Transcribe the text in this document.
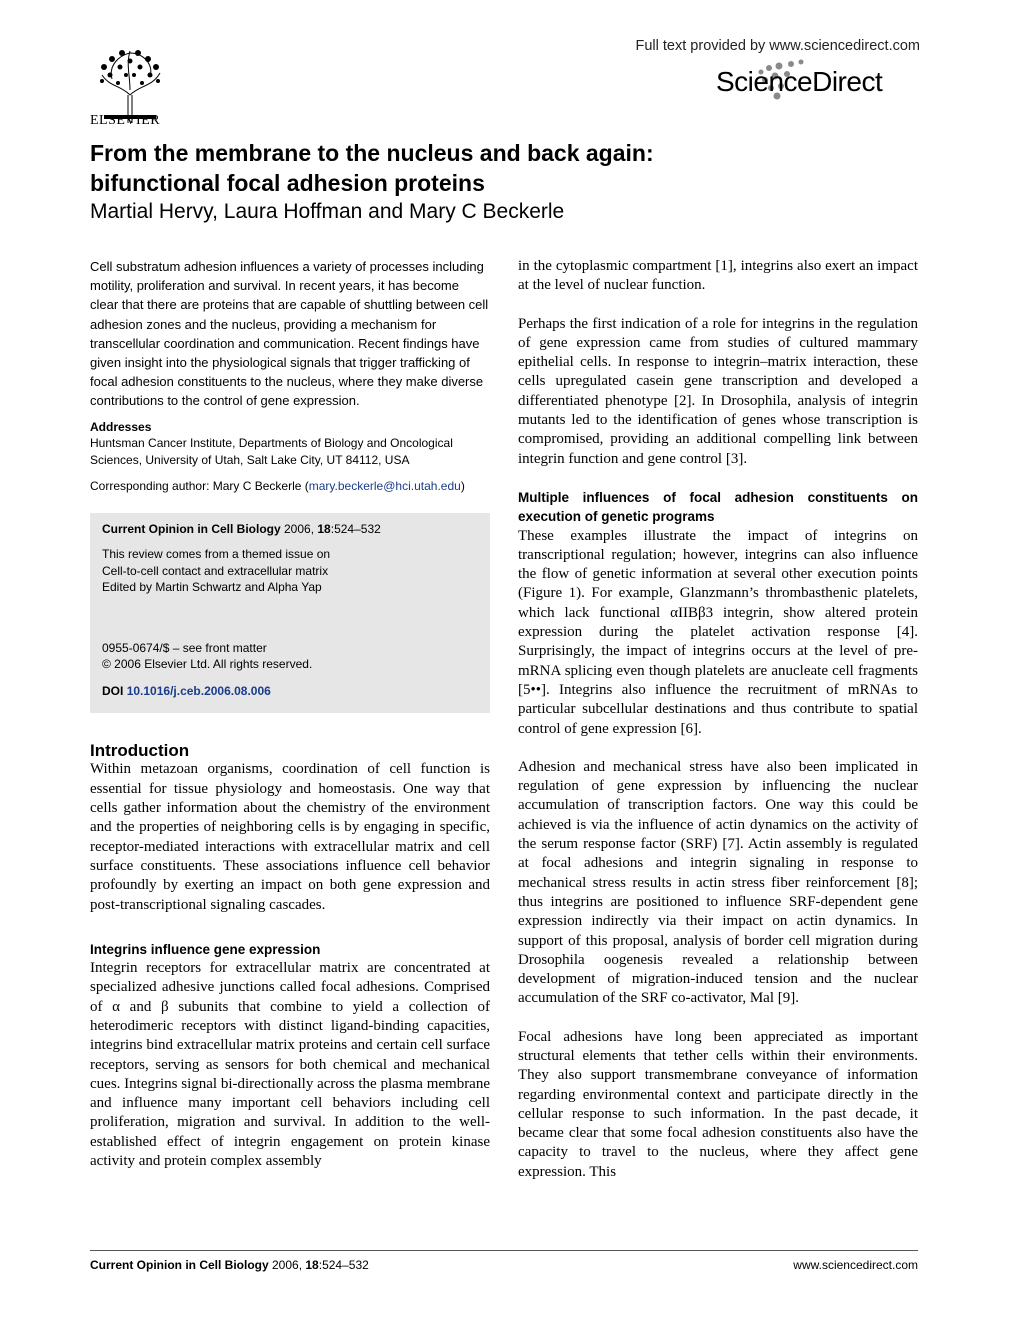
ELSEVIER
Full text provided by www.sciencedirect.com
ScienceDirect
From the membrane to the nucleus and back again:
bifunctional focal adhesion proteins
Martial Hervy, Laura Hoffman and Mary C Beckerle
Cell substratum adhesion influences a variety of processes including motility, proliferation and survival. In recent years, it has become clear that there are proteins that are capable of shuttling between cell adhesion zones and the nucleus, providing a mechanism for transcellular coordination and communication. Recent findings have given insight into the physiological signals that trigger trafficking of focal adhesion constituents to the nucleus, where they make diverse contributions to the control of gene expression.
Addresses
Huntsman Cancer Institute, Departments of Biology and Oncological Sciences, University of Utah, Salt Lake City, UT 84112, USA
Corresponding author: Mary C Beckerle (mary.beckerle@hci.utah.edu)

Current Opinion in Cell Biology 2006, 18:524–532

This review comes from a themed issue on

Cell-to-cell contact and extracellular matrix

Edited by Martin Schwartz and Alpha Yap

0955-0674/$ – see front matter

© 2006 Elsevier Ltd. All rights reserved.

DOI 10.1016/j.ceb.2006.08.006

Introduction

Within metazoan organisms, coordination of cell function is essential for tissue physiology and homeostasis. One way that cells gather information about the chemistry of the environment and the properties of neighboring cells is by engaging in specific, receptor-mediated interactions with extracellular matrix and cell surface constituents. These associations influence cell behavior profoundly by exerting an impact on both gene expression and post-transcriptional signaling cascades.

Integrins influence gene expression

Integrin receptors for extracellular matrix are concentrated at specialized adhesive junctions called focal adhesions. Comprised of α and β subunits that combine to yield a collection of heterodimeric receptors with distinct ligand-binding capacities, integrins bind extracellular matrix proteins and certain cell surface receptors, serving as sensors for both chemical and mechanical cues. Integrins signal bi-directionally across the plasma membrane and influence many important cell behaviors including cell proliferation, migration and survival. In addition to the well-established effect of integrin engagement on protein kinase activity and protein complex assembly

in the cytoplasmic compartment [1], integrins also exert an impact at the level of nuclear function.

Perhaps the first indication of a role for integrins in the regulation of gene expression came from studies of cultured mammary epithelial cells. In response to integrin–matrix interaction, these cells upregulated casein gene transcription and developed a differentiated phenotype [2]. In Drosophila, analysis of integrin mutants led to the identification of genes whose transcription is compromised, providing an additional compelling link between integrin function and gene control [3].

Multiple influences of focal adhesion constituents on execution of genetic programs

These examples illustrate the impact of integrins on transcriptional regulation; however, integrins can also influence the flow of genetic information at several other execution points (Figure 1). For example, Glanzmann’s thrombasthenic platelets, which lack functional αIIBβ3 integrin, show altered protein expression during the platelet activation response [4]. Surprisingly, the impact of integrins occurs at the level of pre-mRNA splicing even though platelets are anucleate cell fragments [5••]. Integrins also influence the recruitment of mRNAs to particular subcellular destinations and thus contribute to spatial control of gene expression [6].

Adhesion and mechanical stress have also been implicated in regulation of gene expression by influencing the nuclear accumulation of transcription factors. One way this could be achieved is via the influence of actin dynamics on the activity of the serum response factor (SRF) [7]. Actin assembly is regulated at focal adhesions and integrin signaling in response to mechanical stress results in actin stress fiber reinforcement [8]; thus integrins are positioned to influence SRF-dependent gene expression indirectly via their impact on actin dynamics. In support of this proposal, analysis of border cell migration during Drosophila oogenesis revealed a relationship between development of migration-induced tension and the nuclear accumulation of the SRF co-activator, Mal [9].

Focal adhesions have long been appreciated as important structural elements that tether cells within their environments. They also support transmembrane conveyance of information regarding environmental context and participate directly in the cellular response to such information. In the past decade, it became clear that some focal adhesion constituents also have the capacity to travel to the nucleus, where they affect gene expression. This

Current Opinion in Cell Biology 2006, 18:524–532	www.sciencedirect.com
